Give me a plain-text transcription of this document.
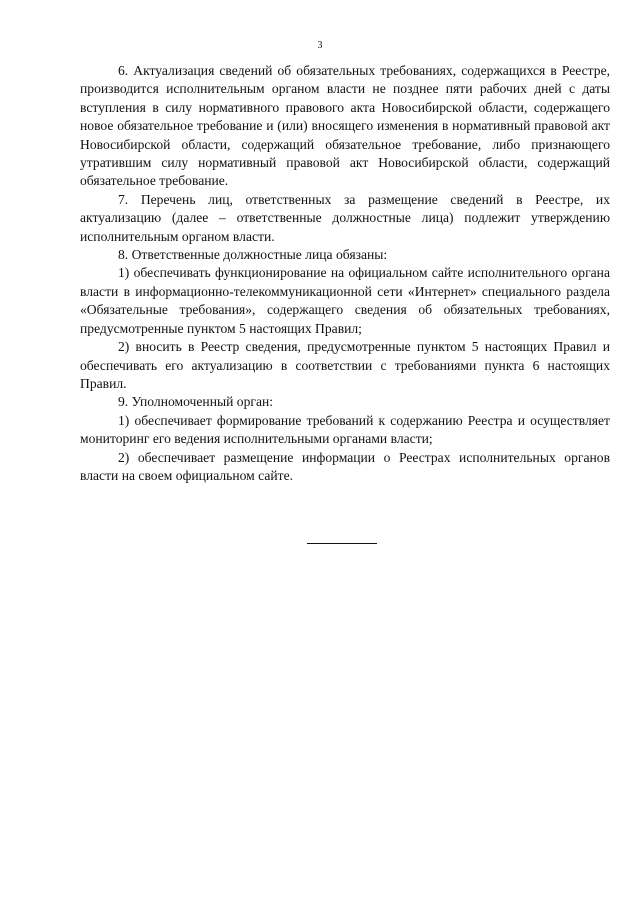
3

6. Актуализация сведений об обязательных требованиях, содержащихся в Реестре, производится исполнительным органом власти не позднее пяти рабочих дней с даты вступления в силу нормативного правового акта Новосибирской области, содержащего новое обязательное требование и (или) вносящего изменения в нормативный правовой акт Новосибирской области, содержащий обязательное требование, либо признающего утратившим силу нормативный правовой акт Новосибирской области, содержащий обязательное требование.

7. Перечень лиц, ответственных за размещение сведений в Реестре, их актуализацию (далее – ответственные должностные лица) подлежит утверждению исполнительным органом власти.

8. Ответственные должностные лица обязаны:

1) обеспечивать функционирование на официальном сайте исполнительного органа власти в информационно-телекоммуникационной сети «Интернет» специального раздела «Обязательные требования», содержащего сведения об обязательных требованиях, предусмотренные пунктом 5 настоящих Правил;

2) вносить в Реестр сведения, предусмотренные пунктом 5 настоящих Правил и обеспечивать его актуализацию в соответствии с требованиями пункта 6 настоящих Правил.

9. Уполномоченный орган:

1) обеспечивает формирование требований к содержанию Реестра и осуществляет мониторинг его ведения исполнительными органами власти;

2) обеспечивает размещение информации о Реестрах исполнительных органов власти на своем официальном сайте.
